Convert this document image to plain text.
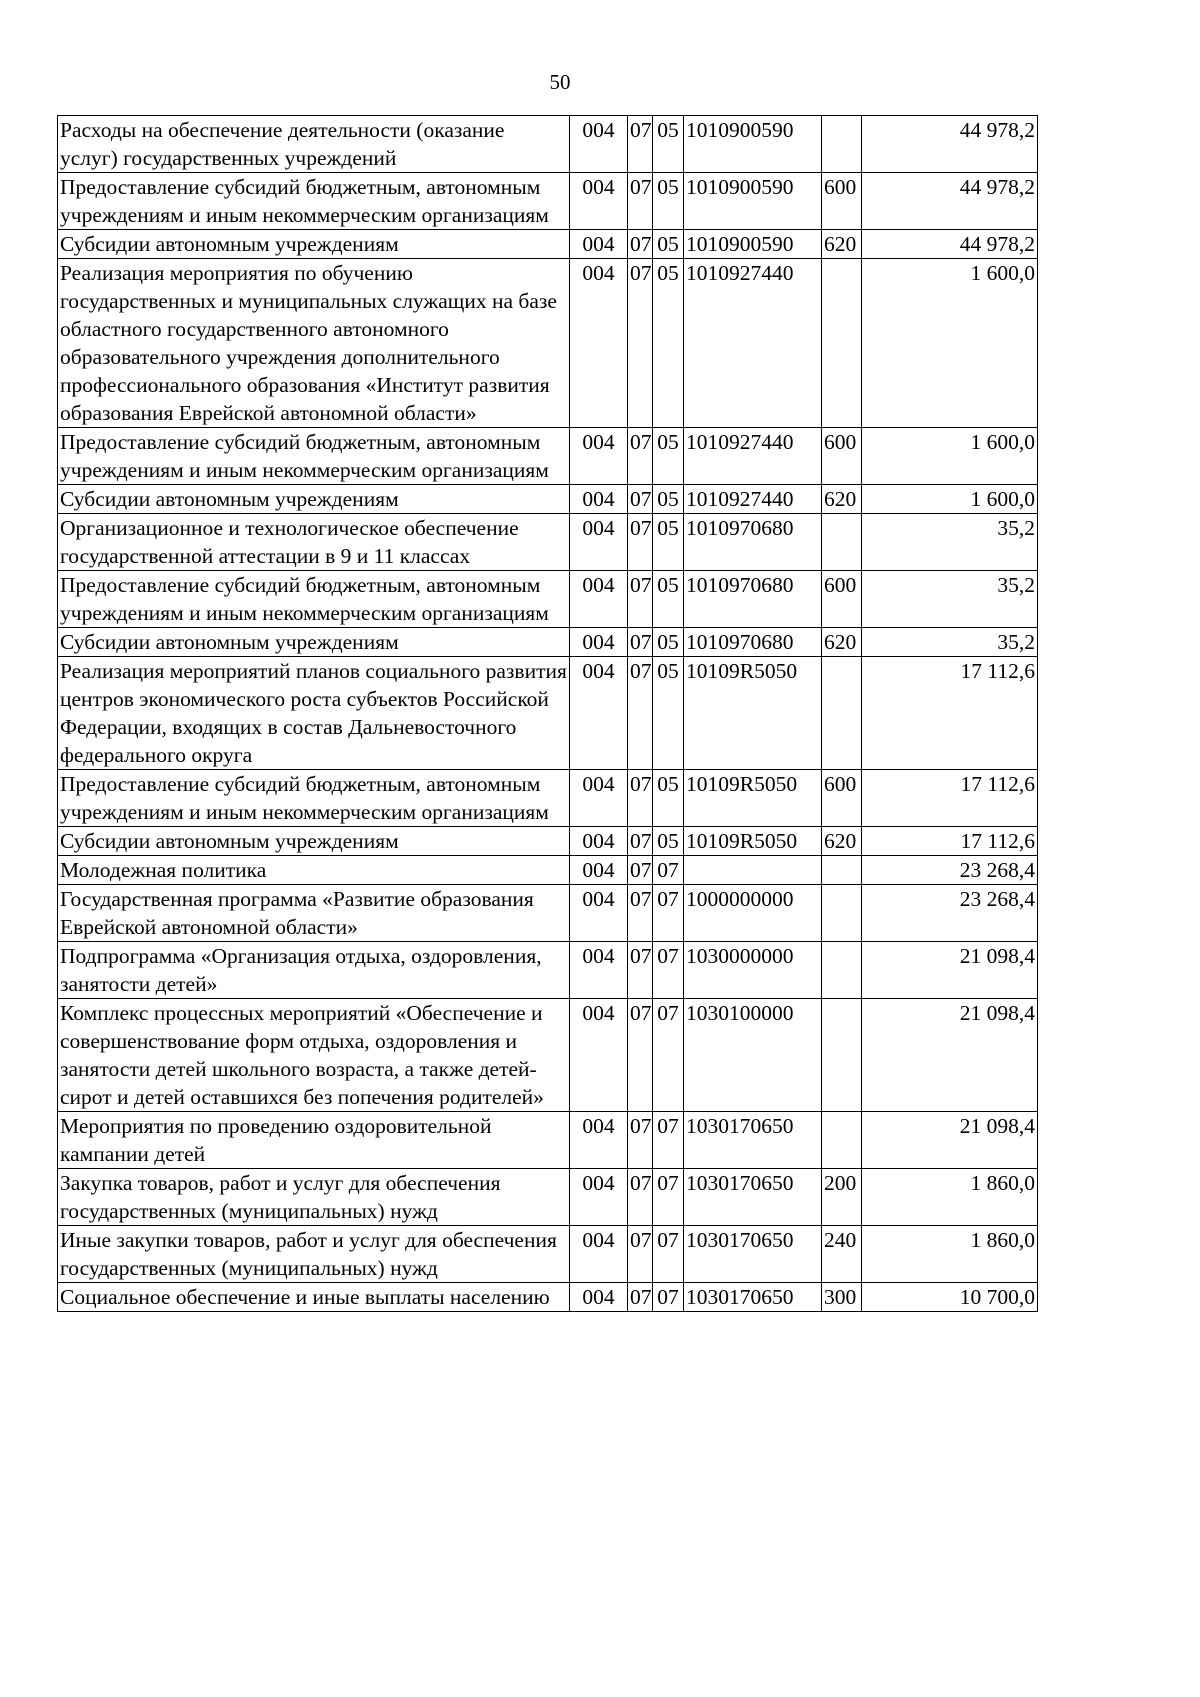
50
Расходы на обеспечение деятельности (оказание услуг) государственных учреждений	004	07	05	1010900590		44 978,2
Предоставление субсидий бюджетным, автономным учреждениям и иным некоммерческим организациям	004	07	05	1010900590	600	44 978,2
Субсидии автономным учреждениям	004	07	05	1010900590	620	44 978,2
Реализация мероприятия по обучению государственных и муниципальных служащих на базе областного государственного автономного образовательного учреждения дополнительного профессионального образования «Институт развития образования Еврейской автономной области»	004	07	05	1010927440		1 600,0
Предоставление субсидий бюджетным, автономным учреждениям и иным некоммерческим организациям	004	07	05	1010927440	600	1 600,0
Субсидии автономным учреждениям	004	07	05	1010927440	620	1 600,0
Организационное и технологическое обеспечение государственной аттестации в 9 и 11 классах	004	07	05	1010970680		35,2
Предоставление субсидий бюджетным, автономным учреждениям и иным некоммерческим организациям	004	07	05	1010970680	600	35,2
Субсидии автономным учреждениям	004	07	05	1010970680	620	35,2
Реализация мероприятий планов социального развития центров экономического роста субъектов Российской Федерации, входящих в состав Дальневосточного федерального округа	004	07	05	10109R5050		17 112,6
Предоставление субсидий бюджетным, автономным учреждениям и иным некоммерческим организациям	004	07	05	10109R5050	600	17 112,6
Субсидии автономным учреждениям	004	07	05	10109R5050	620	17 112,6
Молодежная политика	004	07	07			23 268,4
Государственная программа «Развитие образования Еврейской автономной области»	004	07	07	1000000000		23 268,4
Подпрограмма «Организация отдыха, оздоровления, занятости детей»	004	07	07	1030000000		21 098,4
Комплекс процессных мероприятий «Обеспечение и совершенствование форм отдыха, оздоровления и занятости детей школьного возраста, а также детей-сирот и детей оставшихся без попечения родителей»	004	07	07	1030100000		21 098,4
Мероприятия по проведению оздоровительной кампании детей	004	07	07	1030170650		21 098,4
Закупка товаров, работ и услуг для обеспечения государственных (муниципальных) нужд	004	07	07	1030170650	200	1 860,0
Иные закупки товаров, работ и услуг для обеспечения государственных (муниципальных) нужд	004	07	07	1030170650	240	1 860,0
Социальное обеспечение и иные выплаты населению	004	07	07	1030170650	300	10 700,0
